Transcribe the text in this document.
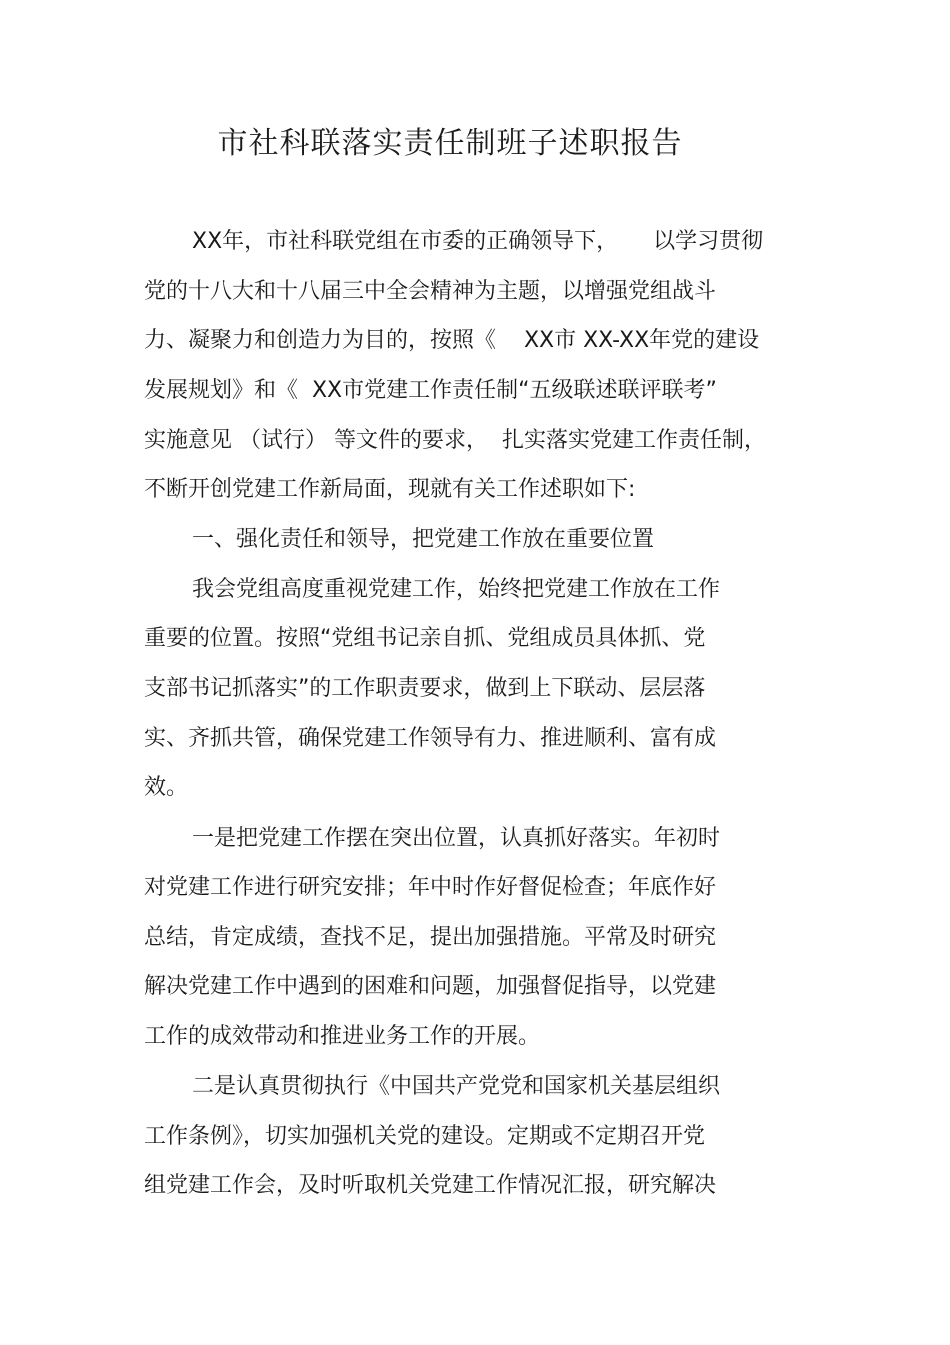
市社科联落实责任制班子述职报告
XX年，市社科联党组在市委的正确领导下，     以学习贯彻
党的十八大和十八届三中全会精神为主题，以增强党组战斗
力、凝聚力和创造力为目的，按照《    XX市 XX-XX年党的建设
发展规划》和《  XX市党建工作责任制“五级联述联评联考”
实施意见 （试行） 等文件的要求，  扎实落实党建工作责任制，
不断开创党建工作新局面，现就有关工作述职如下:
一、强化责任和领导，把党建工作放在重要位置
我会党组高度重视党建工作，始终把党建工作放在工作
重要的位置。按照“党组书记亲自抓、党组成员具体抓、党
支部书记抓落实”的工作职责要求，做到上下联动、层层落
实、齐抓共管，确保党建工作领导有力、推进顺利、富有成
效。
一是把党建工作摆在突出位置，认真抓好落实。年初时
对党建工作进行研究安排；年中时作好督促检查；年底作好
总结，肯定成绩，查找不足，提出加强措施。平常及时研究
解决党建工作中遇到的困难和问题，加强督促指导，以党建
工作的成效带动和推进业务工作的开展。
二是认真贯彻执行《中国共产党党和国家机关基层组织
工作条例》，切实加强机关党的建设。定期或不定期召开党
组党建工作会，及时听取机关党建工作情况汇报，研究解决
